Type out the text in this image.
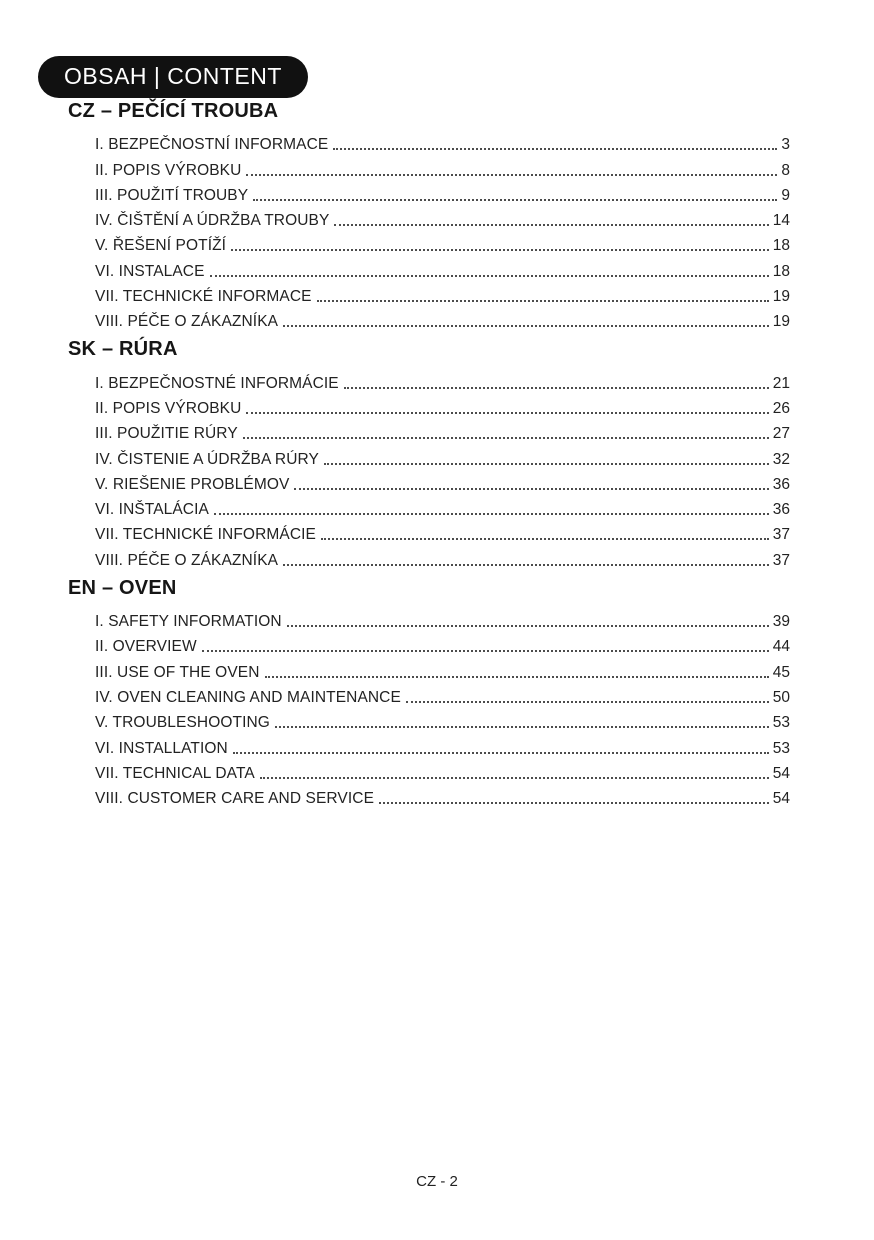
OBSAH | CONTENT
CZ – PEČÍCÍ TROUBA
I. BEZPEČNOSTNÍ INFORMACE	3
II. POPIS VÝROBKU	8
III. POUŽITÍ TROUBY	9
IV. ČIŠTĚNÍ A ÚDRŽBA TROUBY	14
V. ŘEŠENÍ POTÍŽÍ	18
VI. INSTALACE	18
VII. TECHNICKÉ INFORMACE	19
VIII. PÉČE O ZÁKAZNÍKA	19
SK – RÚRA
I. BEZPEČNOSTNÉ INFORMÁCIE	21
II. POPIS VÝROBKU	26
III. POUŽITIE RÚRY	27
IV. ČISTENIE A ÚDRŽBA RÚRY	32
V. RIEŠENIE PROBLÉMOV	36
VI. INŠTALÁCIA	36
VII. TECHNICKÉ INFORMÁCIE	37
VIII. PÉČE O ZÁKAZNÍKA	37
EN – OVEN
I. SAFETY INFORMATION	39
II. OVERVIEW	44
III. USE OF THE OVEN	45
IV. OVEN CLEANING AND MAINTENANCE	50
V. TROUBLESHOOTING	53
VI. INSTALLATION	53
VII. TECHNICAL DATA	54
VIII. CUSTOMER CARE AND SERVICE	54
CZ - 2
